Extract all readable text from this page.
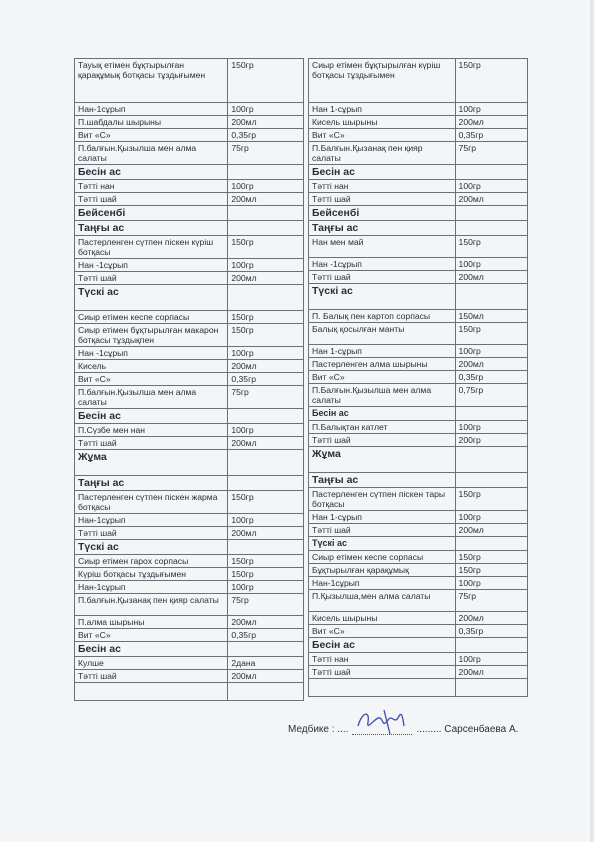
Тауық етімен бұқтырылған қарақұмық ботқасы тұздығымен	150гр
Нан-1сұрып	100гр
П.шабдалы шырыны	200мл
Вит «С»	0,35гр
П.балғын.Қызылша мен алма салаты	75гр
Бесін ас	
Тәтті нан	100гр
Тәтті шай	200мл
Бейсенбі	
Таңғы ас	
Пастерленген сүтпен піскен күріш ботқасы	150гр
Нан -1сұрып	100гр
Тәтті шай	200мл
Түскі ас	
Сиыр етімен кеспе сорпасы	150гр
Сиыр етімен бұқтырылған макарон ботқасы тұздықпен	150гр
Нан -1сұрып	100гр
Кисель	200мл
Вит «С»	0,35гр
П.балғын.Қызылша мен алма салаты	75гр
Бесін ас	
П.Сүзбе мен нан	100гр
Тәтті шай	200мл
Жұма	
Таңғы ас	
Пастерленген сүтпен піскен жарма ботқасы	150гр
Нан-1сұрып	100гр
Тәтті шай	200мл
Түскі ас	
Сиыр етімен гарох сорпасы	150гр
Күріш ботқасы тұздығымен	150гр
Нан-1сұрып	100гр
П.балғын.Қызанақ пен қияр салаты	75гр
П.алма шырыны	200мл
Вит «С»	0,35гр
Бесін ас	
Кулше	2дана
Тәтті шай	200мл

Сиыр етімен бұқтырылған күріш ботқасы тұздығымен	150гр
Нан 1-сұрып	100гр
Кисель шырыны	200мл
Вит «С»	0,35гр
П.Балғын.Қызанақ пен қияр салаты	75гр
Бесін ас	
Тәтті нан	100гр
Тәтті шай	200мл
Бейсенбі	
Таңғы ас	
Нан мен май	150гр
Нан -1сұрып	100гр
Тәтті шай	200мл
Түскі ас	
П. Балық пен картоп сорпасы	150мл
Балық қосылған манты	150гр
Нан 1-сұрып	100гр
Пастерленген алма шырыны	200мл
Вит «С»	0,35гр
П.Балғын.Қызылша мен алма салаты	0,75гр
Бесін ас	
П.Балықтан катлет	100гр
Тәтті шай	200гр
Жұма	
Таңғы ас	
Пастерленген сүтпен піскен тары ботқасы	150гр
Нан 1-сұрып	100гр
Тәтті шай	200мл
Түскі ас	
Сиыр етімен кеспе сорпасы	150гр
Бұқтырылған қарақұмық	150гр
Нан-1сұрып	100гр
П.Қызылша,мен алма салаты	75гр
Кисель шырыны	200мл
Вит «С»	0,35гр
Бесін ас	
Тәтті нан	100гр
Тәтті шай	200мл

Медбике : ....	......... Сарсенбаева А.
